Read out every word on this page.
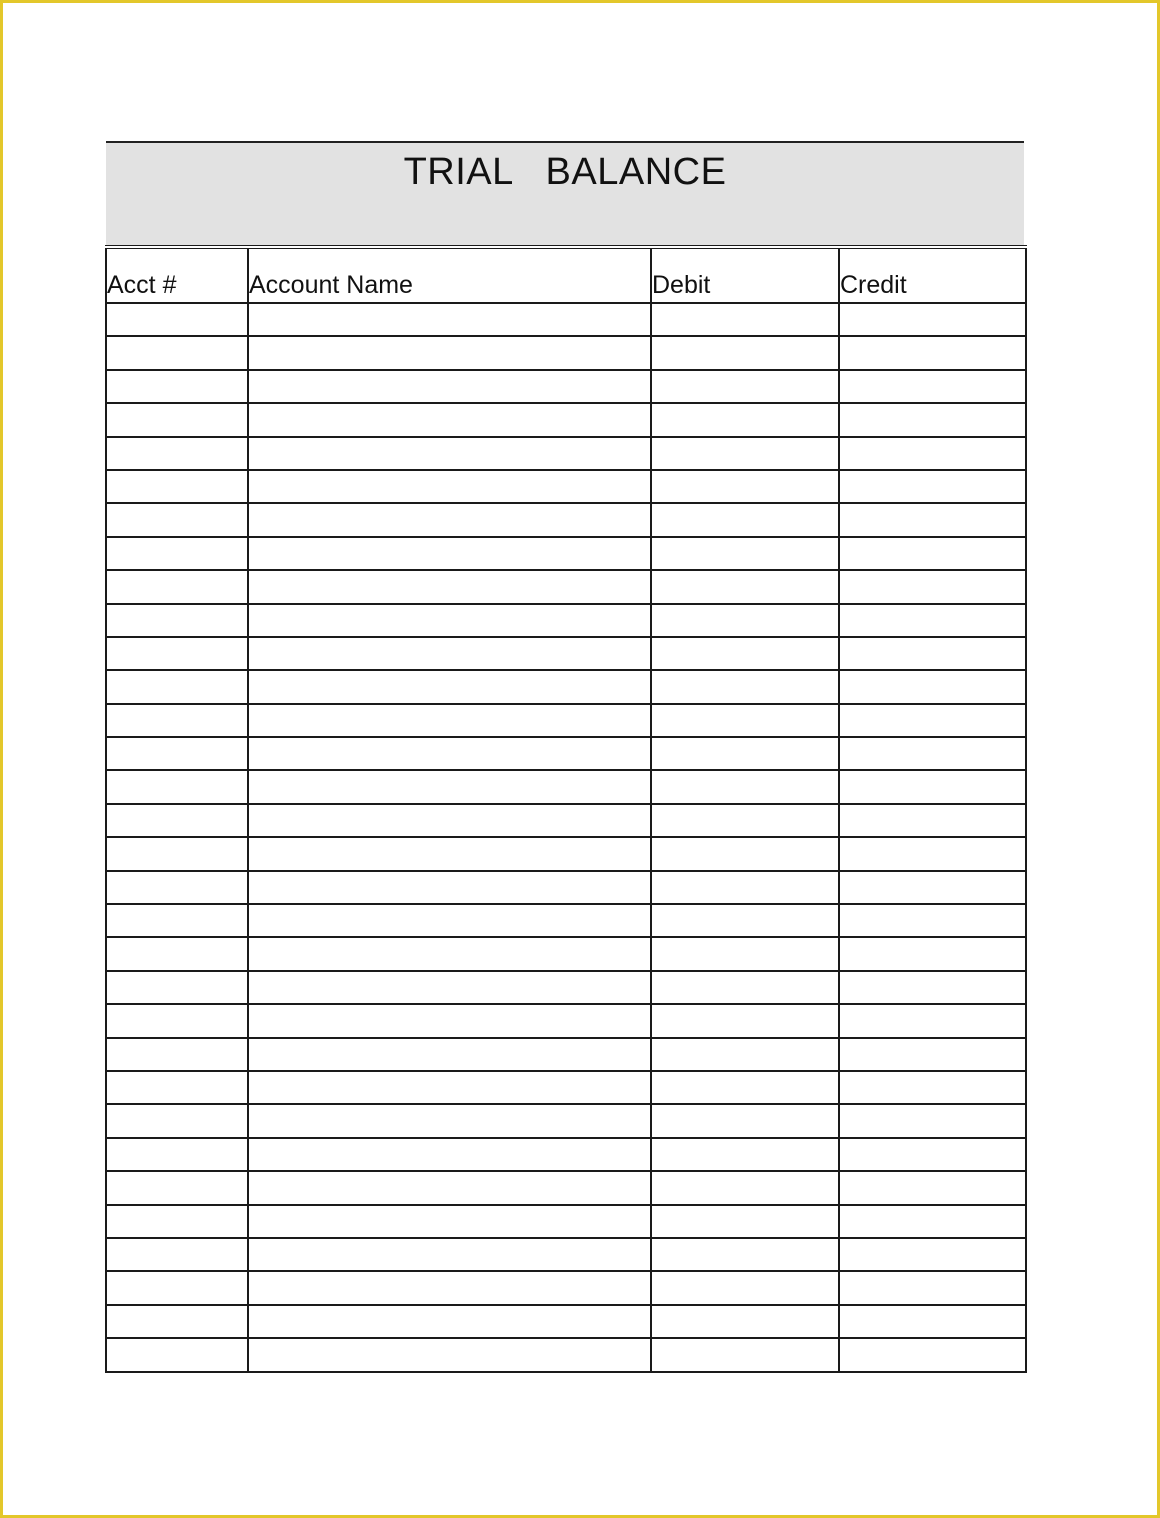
TRIAL   BALANCE
Acct #	Account Name	Debit	Credit
